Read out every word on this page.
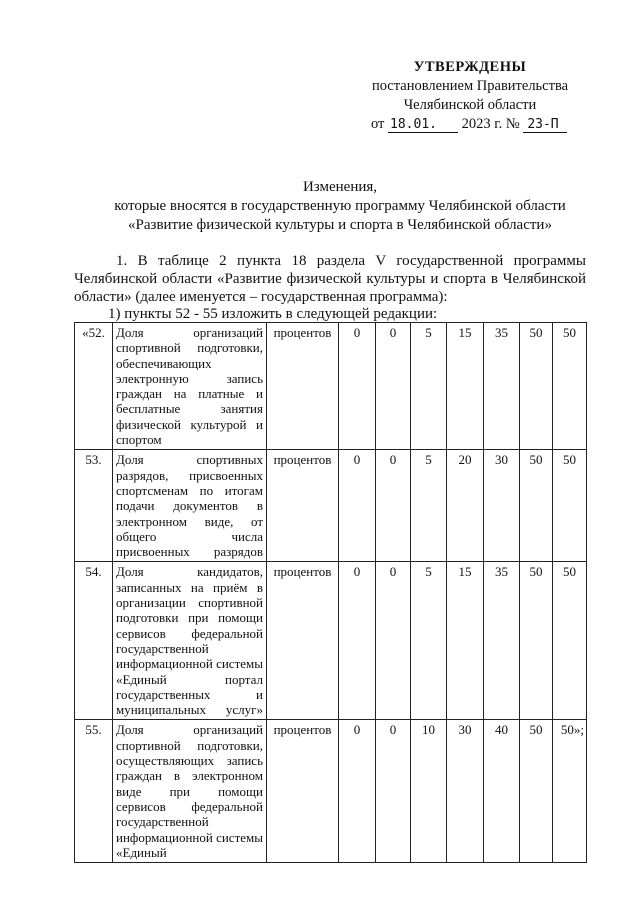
УТВЕРЖДЕНЫ
постановлением Правительства
Челябинской области
от 18.01. 2023 г. № 23-П
Изменения,
которые вносятся в государственную программу Челябинской области
«Развитие физической культуры и спорта в Челябинской области»
1. В таблице 2 пункта 18 раздела V государственной программы Челябинской области «Развитие физической культуры и спорта в Челябинской области» (далее именуется – государственная программа):
1) пункты 52 - 55 изложить в следующей редакции:
«52.	Доля организаций спортивной подготовки, обеспечивающих электронную запись граждан на платные и бесплатные занятия физической культурой и спортом	процентов	0	0	5	15	35	50	50
53.	Доля спортивных разрядов, присвоенных спортсменам по итогам подачи документов в электронном виде, от общего числа присвоенных разрядов	процентов	0	0	5	20	30	50	50
54.	Доля кандидатов, записанных на приём в организации спортивной подготовки при помощи сервисов федеральной государственной информационной системы «Единый портал государственных и муниципальных услуг»	процентов	0	0	5	15	35	50	50
55.	Доля организаций спортивной подготовки, осуществляющих запись граждан в электронном виде при помощи сервисов федеральной государственной информационной системы «Единый	процентов	0	0	10	30	40	50	50»;
